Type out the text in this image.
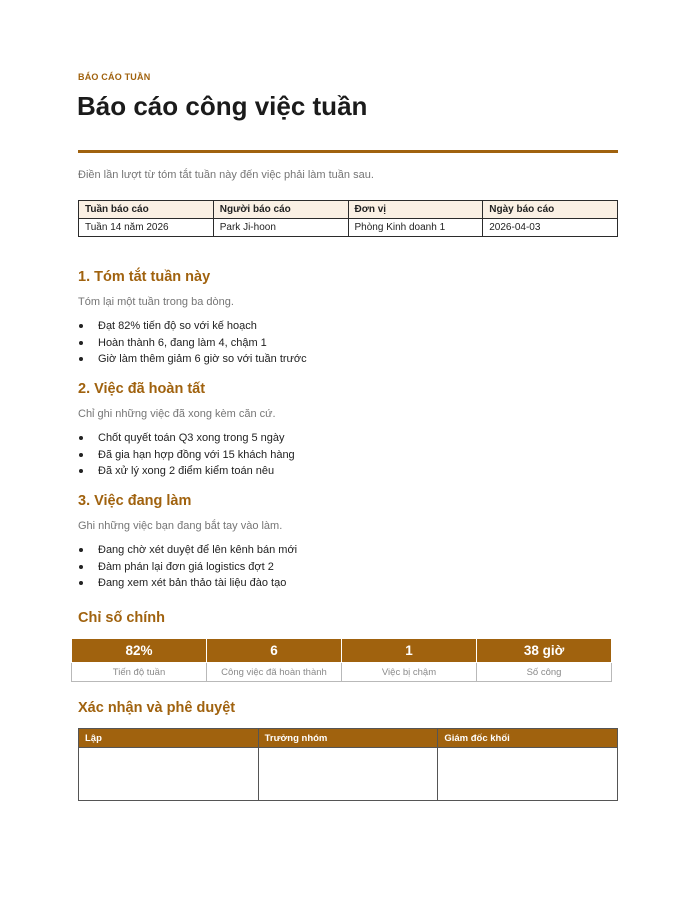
BÁO CÁO TUẦN
Báo cáo công việc tuần
Điền lần lượt từ tóm tắt tuần này đến việc phải làm tuần sau.
Tuần báo cáo	Người báo cáo	Đơn vị	Ngày báo cáo
Tuần 14 năm 2026	Park Ji-hoon	Phòng Kinh doanh 1	2026-04-03
1. Tóm tắt tuần này
Tóm lại một tuần trong ba dòng.
Đạt 82% tiến độ so với kế hoạch
Hoàn thành 6, đang làm 4, chậm 1
Giờ làm thêm giảm 6 giờ so với tuần trước
2. Việc đã hoàn tất
Chỉ ghi những việc đã xong kèm căn cứ.
Chốt quyết toán Q3 xong trong 5 ngày
Đã gia hạn hợp đồng với 15 khách hàng
Đã xử lý xong 2 điểm kiểm toán nêu
3. Việc đang làm
Ghi những việc bạn đang bắt tay vào làm.
Đang chờ xét duyệt để lên kênh bán mới
Đàm phán lại đơn giá logistics đợt 2
Đang xem xét bản thảo tài liệu đào tạo
Chỉ số chính
82%	6	1	38 giờ
Tiến độ tuần	Công việc đã hoàn thành	Việc bị chậm	Số công
Xác nhận và phê duyệt
Lập	Trưởng nhóm	Giám đốc khối
